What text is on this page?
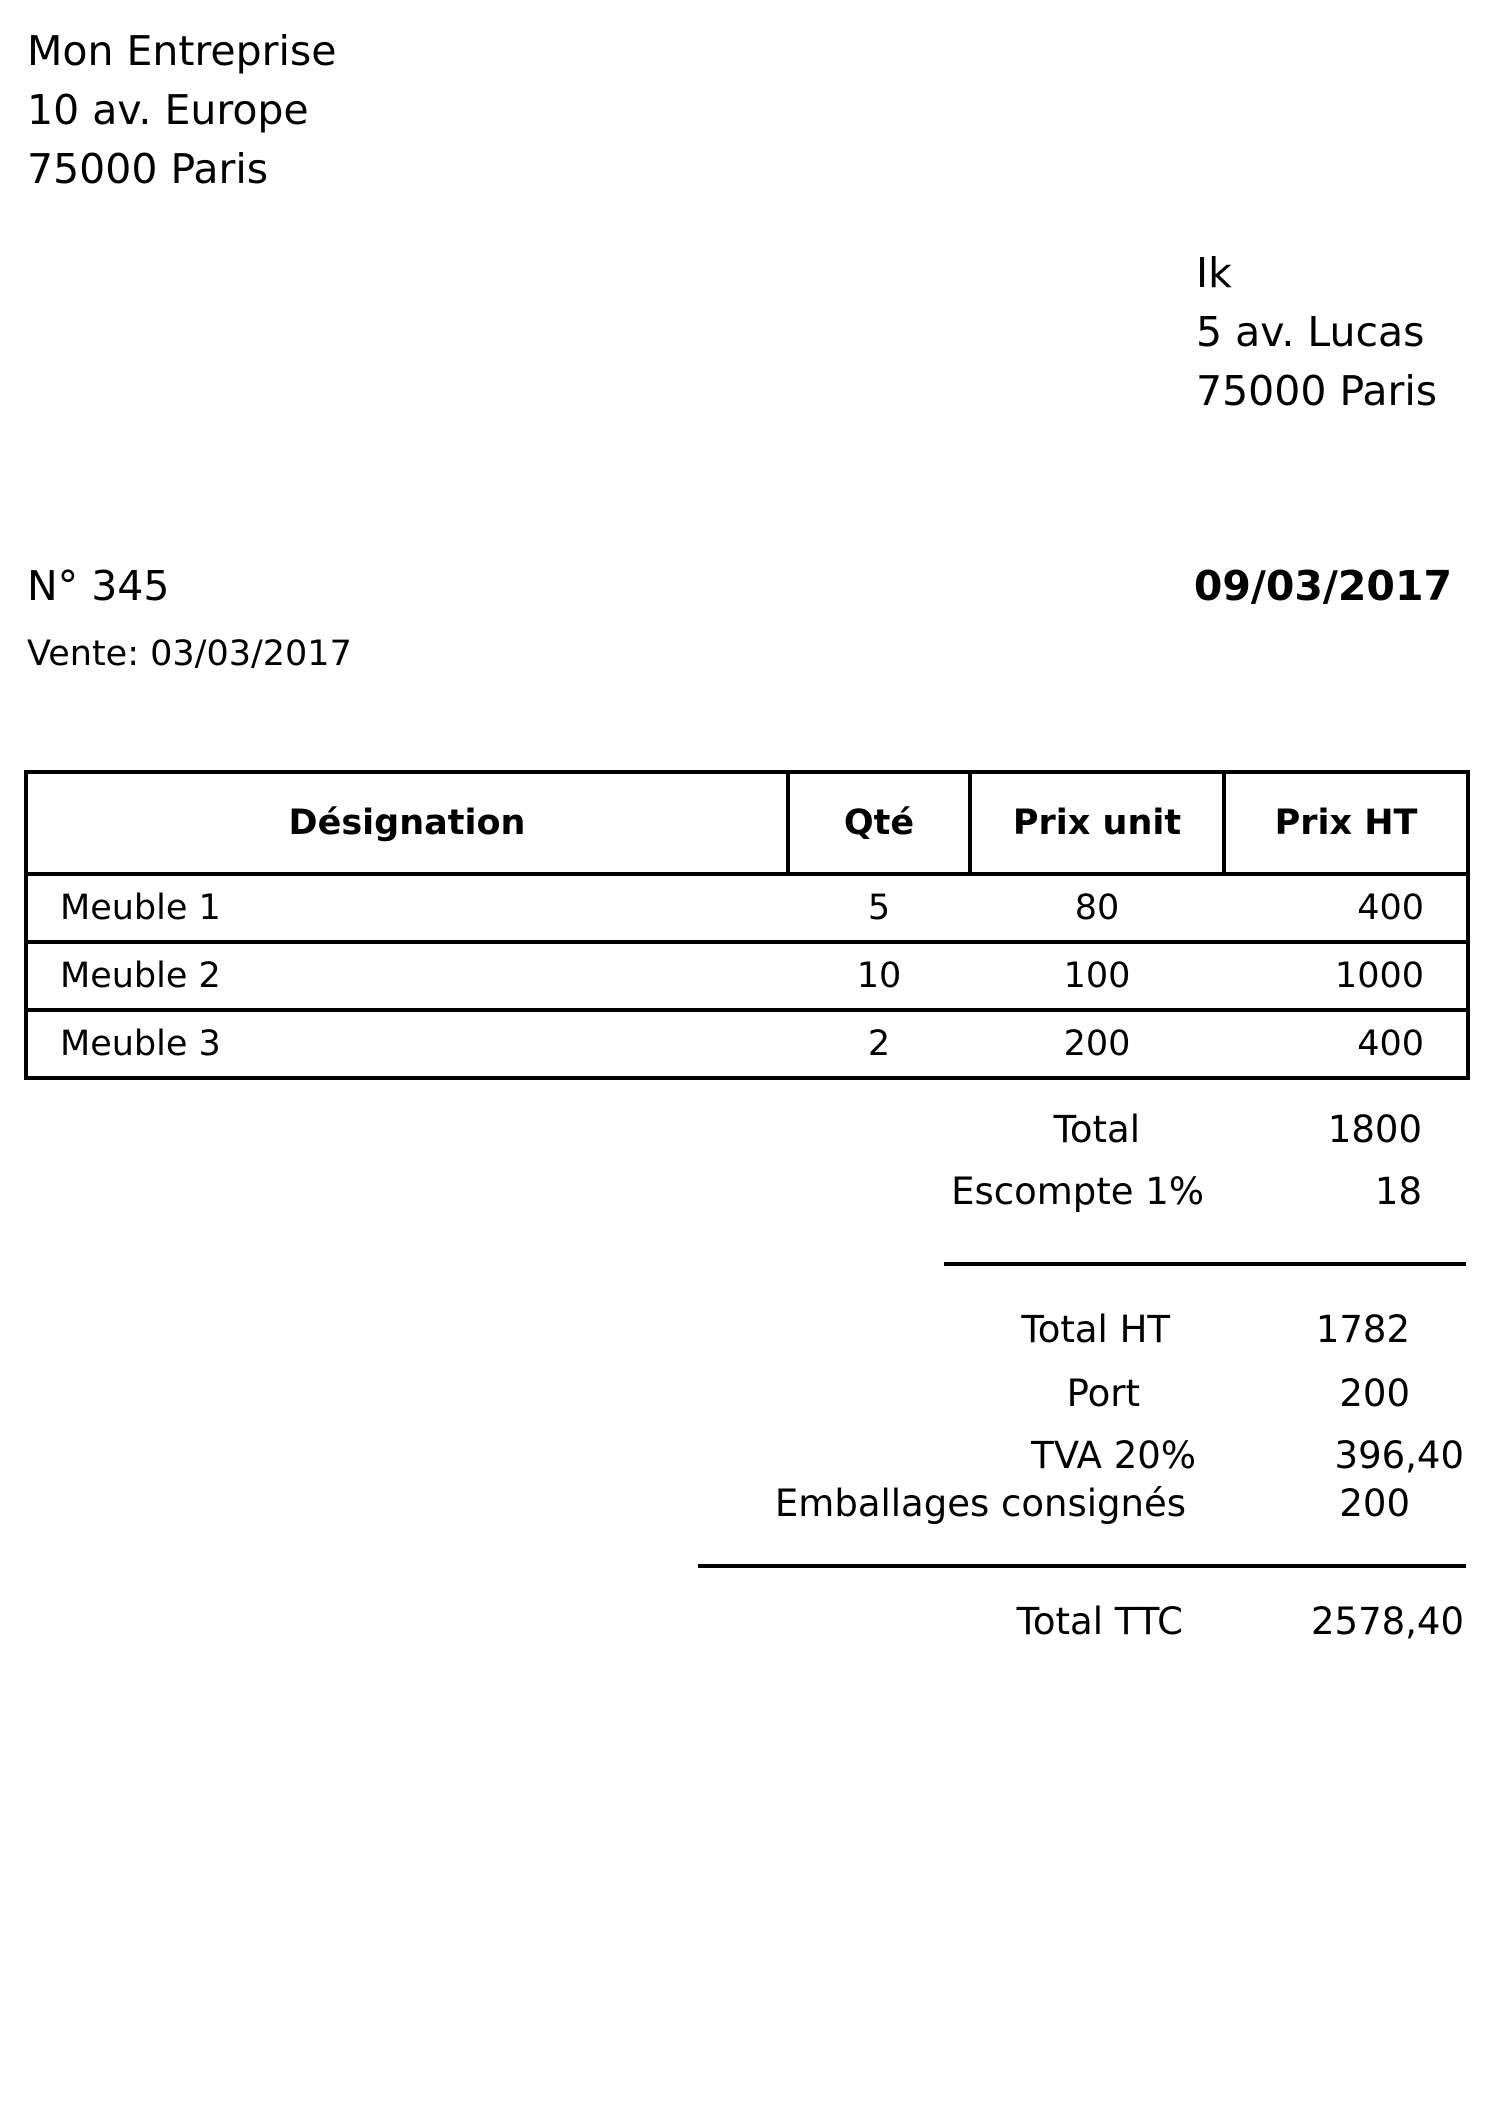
Mon Entreprise
10 av. Europe
75000 Paris
Ik
5 av. Lucas
75000 Paris
N° 345	09/03/2017
Vente: 03/03/2017
Désignation	Qté	Prix unit	Prix HT
Meuble 1	5	80	400
Meuble 2	10	100	1000
Meuble 3	2	200	400
Total	1800
Escompte 1%	18
Total HT	1782
Port	200
TVA 20%	396,40
Emballages consignés	200
Total TTC	2578,40
